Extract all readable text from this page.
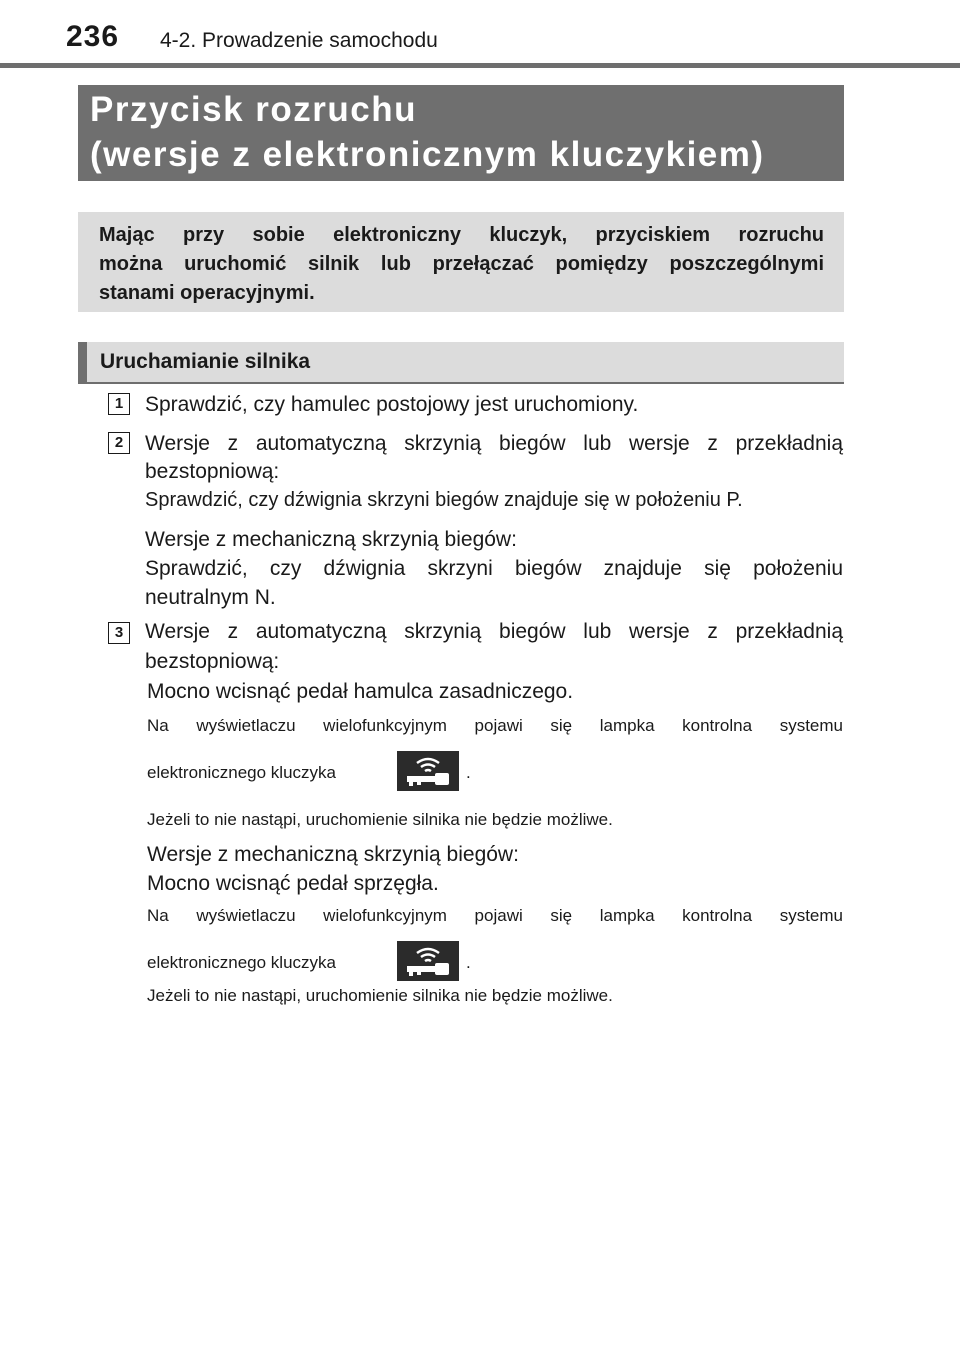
236 4-2. Prowadzenie samochodu
Przycisk rozruchu
(wersje z elektronicznym kluczykiem)
Mając przy sobie elektroniczny kluczyk, przyciskiem rozruchu
można uruchomić silnik lub przełączać pomiędzy poszczególnymi
stanami operacyjnymi.
Uruchamianie silnika
1	Sprawdzić, czy hamulec postojowy jest uruchomiony.
2	Wersje z automatyczną skrzynią biegów lub wersje z przekładnią
bezstopniową:
Sprawdzić, czy dźwignia skrzyni biegów znajduje się w położeniu P.
Wersje z mechaniczną skrzynią biegów:
Sprawdzić, czy dźwignia skrzyni biegów znajduje się położeniu
neutralnym N.
3	Wersje z automatyczną skrzynią biegów lub wersje z przekładnią
bezstopniową:
Mocno wcisnąć pedał hamulca zasadniczego.
Na wyświetlaczu wielofunkcyjnym pojawi się lampka kontrolna systemu
elektronicznego kluczyka	.
Jeżeli to nie nastąpi, uruchomienie silnika nie będzie możliwe.
Wersje z mechaniczną skrzynią biegów:
Mocno wcisnąć pedał sprzęgła.
Na wyświetlaczu wielofunkcyjnym pojawi się lampka kontrolna systemu
elektronicznego kluczyka	.
Jeżeli to nie nastąpi, uruchomienie silnika nie będzie możliwe.
